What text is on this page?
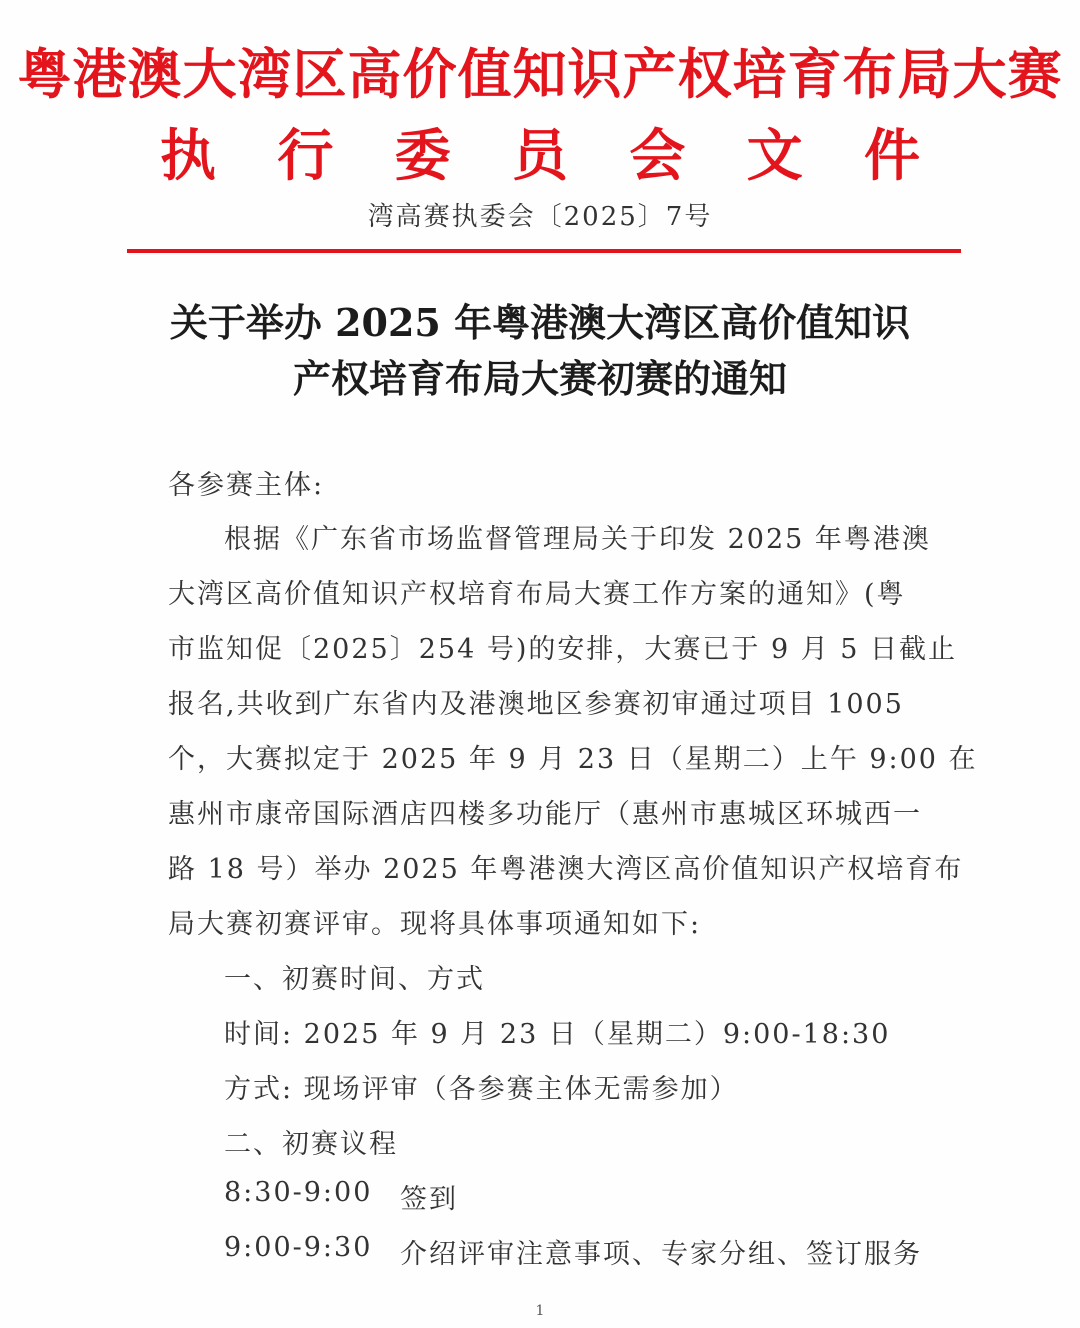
粤港澳大湾区高价值知识产权培育布局大赛
执 行 委 员 会 文 件
湾高赛执委会〔2025〕7号
关于举办 2025 年粤港澳大湾区高价值知识
产权培育布局大赛初赛的通知
各参赛主体:
根据《广东省市场监督管理局关于印发 2025 年粤港澳
大湾区高价值知识产权培育布局大赛工作方案的通知》(粤
市监知促〔2025〕254 号)的安排，大赛已于 9 月 5 日截止
报名,共收到广东省内及港澳地区参赛初审通过项目 1005
个，大赛拟定于 2025 年 9 月 23 日（星期二）上午 9:00 在
惠州市康帝国际酒店四楼多功能厅（惠州市惠城区环城西一
路 18 号）举办 2025 年粤港澳大湾区高价值知识产权培育布
局大赛初赛评审。现将具体事项通知如下:
一、初赛时间、方式
时间: 2025 年 9 月 23 日（星期二）9:00-18:30
方式: 现场评审（各参赛主体无需参加）
二、初赛议程
8:30-9:00 签到
9:00-9:30 介绍评审注意事项、专家分组、签订服务
1
